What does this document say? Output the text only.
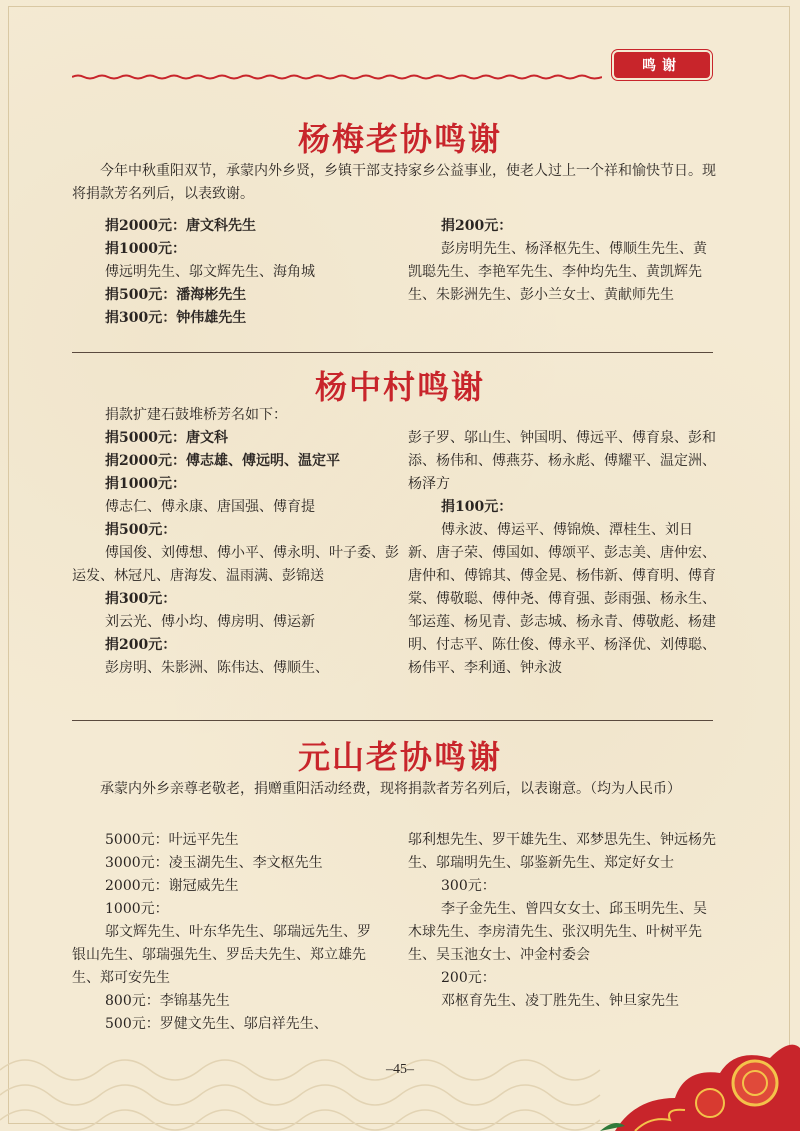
鸣谢
杨梅老协鸣谢
今年中秋重阳双节，承蒙内外乡贤，乡镇干部支持家乡公益事业，使老人过上一个祥和愉快节日。现将捐款芳名列后，以表致谢。

捐2000元：唐文科先生

捐1000元：

傅远明先生、邬文辉先生、海角城

捐500元：潘海彬先生

捐300元：钟伟雄先生

捐200元：

彭房明先生、杨泽枢先生、傅顺生先生、黄凯聪先生、李艳军先生、李仲均先生、黄凯辉先生、朱影洲先生、彭小兰女士、黄献师先生

杨中村鸣谢

捐款扩建石鼓堆桥芳名如下：

捐5000元：唐文科

捐2000元：傅志雄、傅远明、温定平

捐1000元：

傅志仁、傅永康、唐国强、傅育提

捐500元：

傅国俊、刘傅想、傅小平、傅永明、叶子委、彭运发、林冠凡、唐海发、温雨满、彭锦送

捐300元：

刘云光、傅小均、傅房明、傅运新

捐200元：

彭房明、朱影洲、陈伟达、傅顺生、

彭子罗、邬山生、钟国明、傅远平、傅育泉、彭和添、杨伟和、傅燕芬、杨永彪、傅耀平、温定洲、杨泽方

捐100元：

傅永波、傅运平、傅锦焕、潭桂生、刘日新、唐子荣、傅国如、傅颂平、彭志美、唐仲宏、唐仲和、傅锦其、傅金晃、杨伟新、傅育明、傅育棠、傅敬聪、傅仲尧、傅育强、彭雨强、杨永生、邹运莲、杨见青、彭志城、杨永青、傅敬彪、杨建明、付志平、陈仕俊、傅永平、杨泽优、刘傅聪、杨伟平、李利通、钟永波

元山老协鸣谢
承蒙内外乡亲尊老敬老，捐赠重阳活动经费，现将捐款者芳名列后，以表谢意。（均为人民币）

5000元：叶远平先生

3000元：凌玉湖先生、李文枢先生

2000元：谢冠威先生

1000元：

邬文辉先生、叶东华先生、邬瑞远先生、罗银山先生、邬瑞强先生、罗岳夫先生、郑立雄先生、郑可安先生

800元：李锦基先生

500元：罗健文先生、邬启祥先生、

邬利想先生、罗干雄先生、邓梦思先生、钟远杨先生、邬瑞明先生、邬鉴新先生、郑定好女士

300元：

李子金先生、曾四女女士、邱玉明先生、吴木球先生、李房清先生、张汉明先生、叶树平先生、吴玉池女士、冲金村委会

200元：

邓枢育先生、凌丁胜先生、钟旦家先生

–45–
